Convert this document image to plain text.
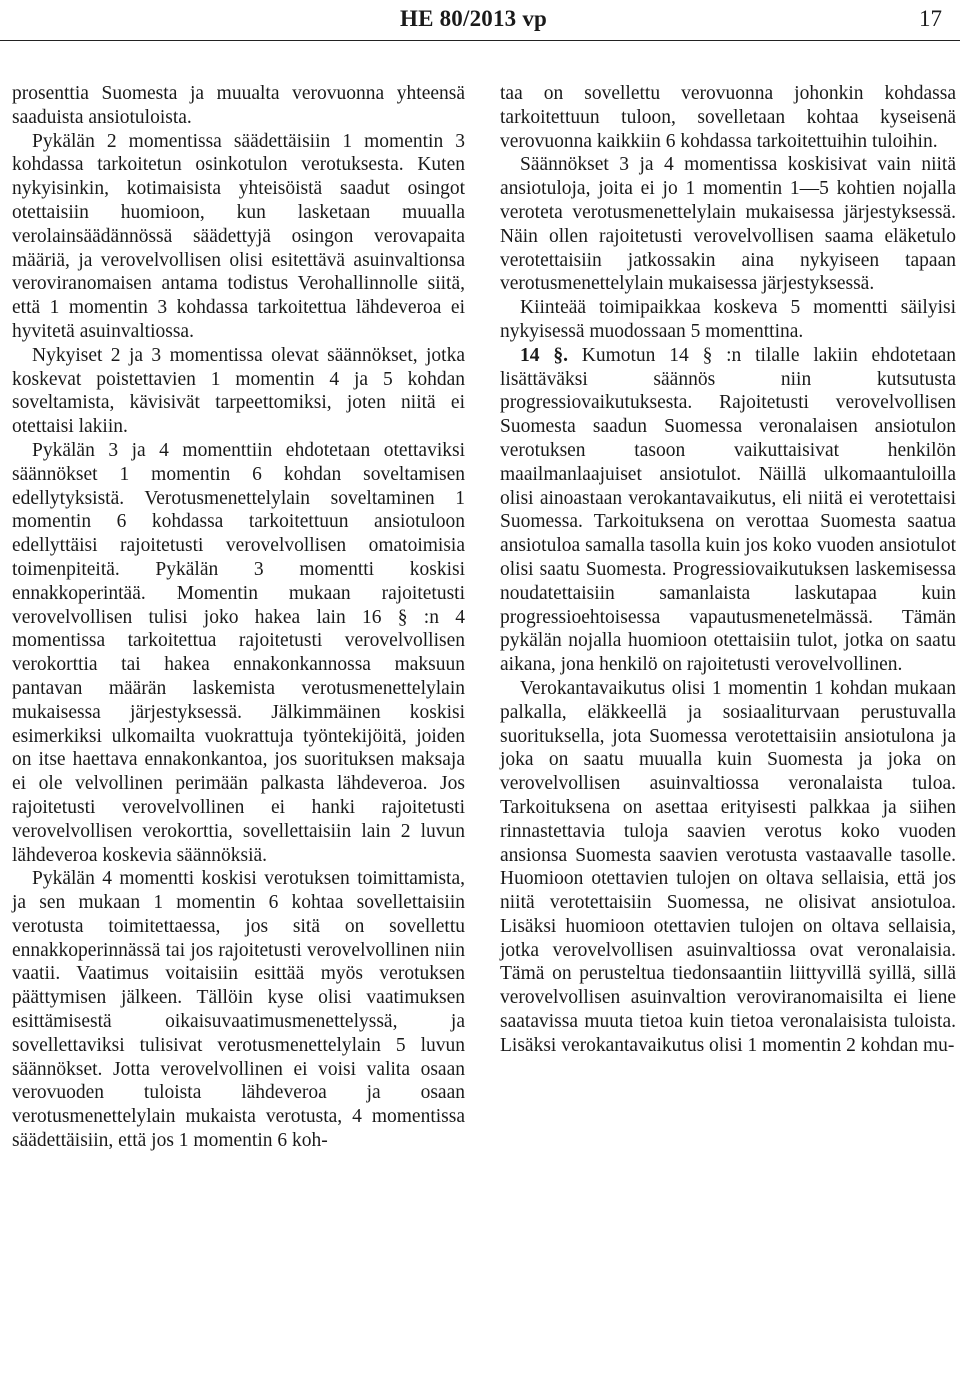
HE 80/2013 vp	17

prosenttia Suomesta ja muualta verovuonna yhteensä saaduista ansiotuloista.

Pykälän 2 momentissa säädettäisiin 1 momentin 3 kohdassa tarkoitetun osinkotulon verotuksesta. Kuten nykyisinkin, kotimaisista yhteisöistä saadut osingot otettaisiin huomioon, kun lasketaan muualla verolainsäädännössä säädettyjä osingon verovapaita määriä, ja verovelvollisen olisi esitettävä asuinvaltionsa veroviranomaisen antama todistus Verohallinnolle siitä, että 1 momentin 3 kohdassa tarkoitettua lähdeveroa ei hyvitetä asuinvaltiossa.

Nykyiset 2 ja 3 momentissa olevat säännökset, jotka koskevat poistettavien 1 momentin 4 ja 5 kohdan soveltamista, kävisivät tarpeettomiksi, joten niitä ei otettaisi lakiin.

Pykälän 3 ja 4 momenttiin ehdotetaan otettaviksi säännökset 1 momentin 6 kohdan soveltamisen edellytyksistä. Verotusmenettelylain soveltaminen 1 momentin 6 kohdassa tarkoitettuun ansiotuloon edellyttäisi rajoitetusti verovelvollisen omatoimisia toimenpiteitä. Pykälän 3 momentti koskisi ennakkoperintää. Momentin mukaan rajoitetusti verovelvollisen tulisi joko hakea lain 16 § :n 4 momentissa tarkoitettua rajoitetusti verovelvollisen verokorttia tai hakea ennakonkannossa maksuun pantavan määrän laskemista verotusmenettelylain mukaisessa järjestyksessä. Jälkimmäinen koskisi esimerkiksi ulkomailta vuokrattuja työntekijöitä, joiden on itse haettava ennakonkantoa, jos suorituksen maksaja ei ole velvollinen perimään palkasta lähdeveroa. Jos rajoitetusti verovelvollinen ei hanki rajoitetusti verovelvollisen verokorttia, sovellettaisiin lain 2 luvun lähdeveroa koskevia säännöksiä.

Pykälän 4 momentti koskisi verotuksen toimittamista, ja sen mukaan 1 momentin 6 kohtaa sovellettaisiin verotusta toimitettaessa, jos sitä on sovellettu ennakkoperinnässä tai jos rajoitetusti verovelvollinen niin vaatii. Vaatimus voitaisiin esittää myös verotuksen päättymisen jälkeen. Tällöin kyse olisi vaatimuksen esittämisestä oikaisuvaatimusmenettelyssä, ja sovellettaviksi tulisivat verotusmenettelylain 5 luvun säännökset. Jotta verovelvollinen ei voisi valita osaan verovuoden tuloista lähdeveroa ja osaan verotusmenettelylain mukaista verotusta, 4 momentissa säädettäisiin, että jos 1 momentin 6 koh-

taa on sovellettu verovuonna johonkin kohdassa tarkoitettuun tuloon, sovelletaan kohtaa kyseisenä verovuonna kaikkiin 6 kohdassa tarkoitettuihin tuloihin.

Säännökset 3 ja 4 momentissa koskisivat vain niitä ansiotuloja, joita ei jo 1 momentin 1—5 kohtien nojalla veroteta verotusmenettelylain mukaisessa järjestyksessä. Näin ollen rajoitetusti verovelvollisen saama eläketulo verotettaisiin jatkossakin aina nykyiseen tapaan verotusmenettelylain mukaisessa järjestyksessä.

Kiinteää toimipaikkaa koskeva 5 momentti säilyisi nykyisessä muodossaan 5 momenttina.

14 §. Kumotun 14 § :n tilalle lakiin ehdotetaan lisättäväksi säännös niin kutsutusta progressiovaikutuksesta. Rajoitetusti verovelvollisen Suomesta saadun Suomessa veronalaisen ansiotulon verotuksen tasoon vaikuttaisivat henkilön maailmanlaajuiset ansiotulot. Näillä ulkomaantuloilla olisi ainoastaan verokantavaikutus, eli niitä ei verotettaisi Suomessa. Tarkoituksena on verottaa Suomesta saatua ansiotuloa samalla tasolla kuin jos koko vuoden ansiotulot olisi saatu Suomesta. Progressiovaikutuksen laskemisessa noudatettaisiin samanlaista laskutapaa kuin progressioehtoisessa vapautusmenetelmässä. Tämän pykälän nojalla huomioon otettaisiin tulot, jotka on saatu aikana, jona henkilö on rajoitetusti verovelvollinen.

Verokantavaikutus olisi 1 momentin 1 kohdan mukaan palkalla, eläkkeellä ja sosiaaliturvaan perustuvalla suorituksella, jota Suomessa verotettaisiin ansiotulona ja joka on saatu muualla kuin Suomesta ja joka on verovelvollisen asuinvaltiossa veronalaista tuloa. Tarkoituksena on asettaa erityisesti palkkaa ja siihen rinnastettavia tuloja saavien verotus koko vuoden ansionsa Suomesta saavien verotusta vastaavalle tasolle. Huomioon otettavien tulojen on oltava sellaisia, että jos niitä verotettaisiin Suomessa, ne olisivat ansiotuloa. Lisäksi huomioon otettavien tulojen on oltava sellaisia, jotka verovelvollisen asuinvaltiossa ovat veronalaisia. Tämä on perusteltua tiedonsaantiin liittyvillä syillä, sillä verovelvollisen asuinvaltion veroviranomaisilta ei liene saatavissa muuta tietoa kuin tietoa veronalaisista tuloista. Lisäksi verokantavaikutus olisi 1 momentin 2 kohdan mu-
